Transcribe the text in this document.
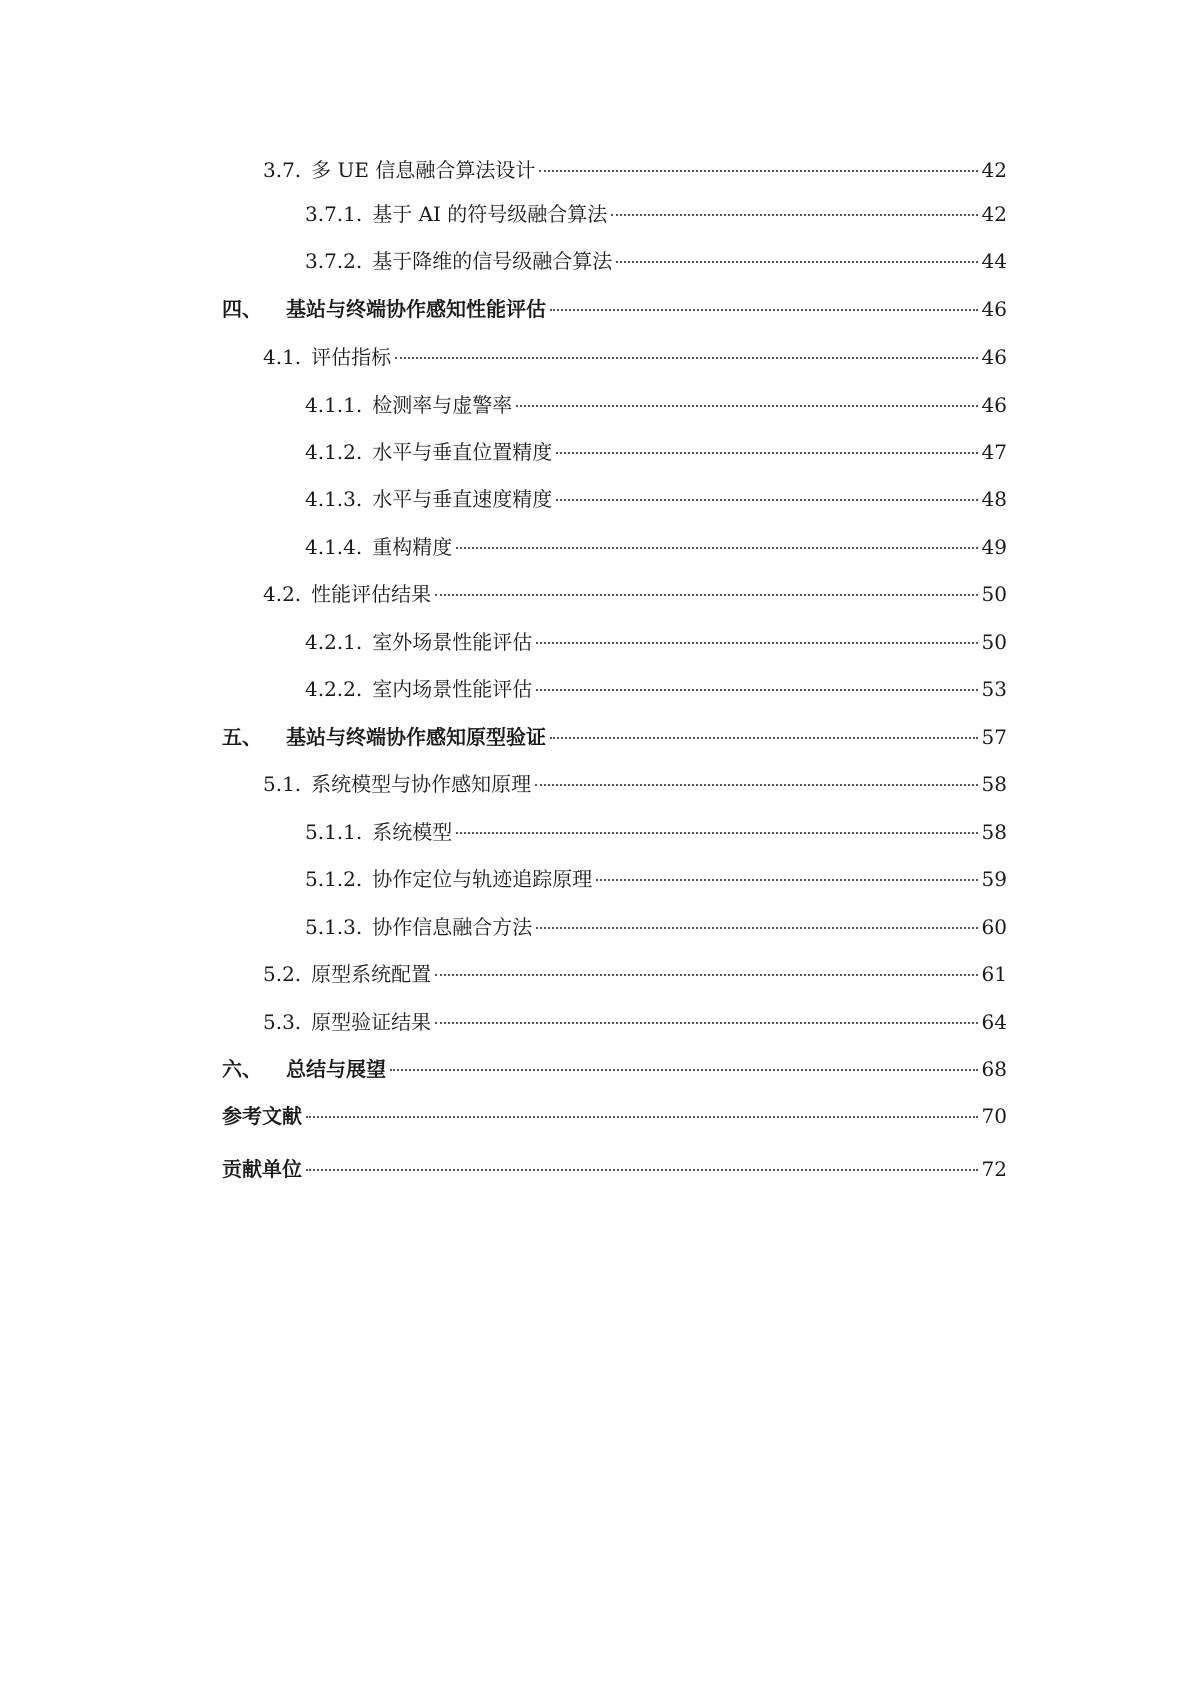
3.7. 多 UE 信息融合算法设计	42
3.7.1. 基于 AI 的符号级融合算法	42
3.7.2. 基于降维的信号级融合算法	44
四、 基站与终端协作感知性能评估	46
4.1. 评估指标	46
4.1.1. 检测率与虚警率	46
4.1.2. 水平与垂直位置精度	47
4.1.3. 水平与垂直速度精度	48
4.1.4. 重构精度	49
4.2. 性能评估结果	50
4.2.1. 室外场景性能评估	50
4.2.2. 室内场景性能评估	53
五、 基站与终端协作感知原型验证	57
5.1. 系统模型与协作感知原理	58
5.1.1. 系统模型	58
5.1.2. 协作定位与轨迹追踪原理	59
5.1.3. 协作信息融合方法	60
5.2. 原型系统配置	61
5.3. 原型验证结果	64
六、 总结与展望	68
参考文献	70
贡献单位	72
